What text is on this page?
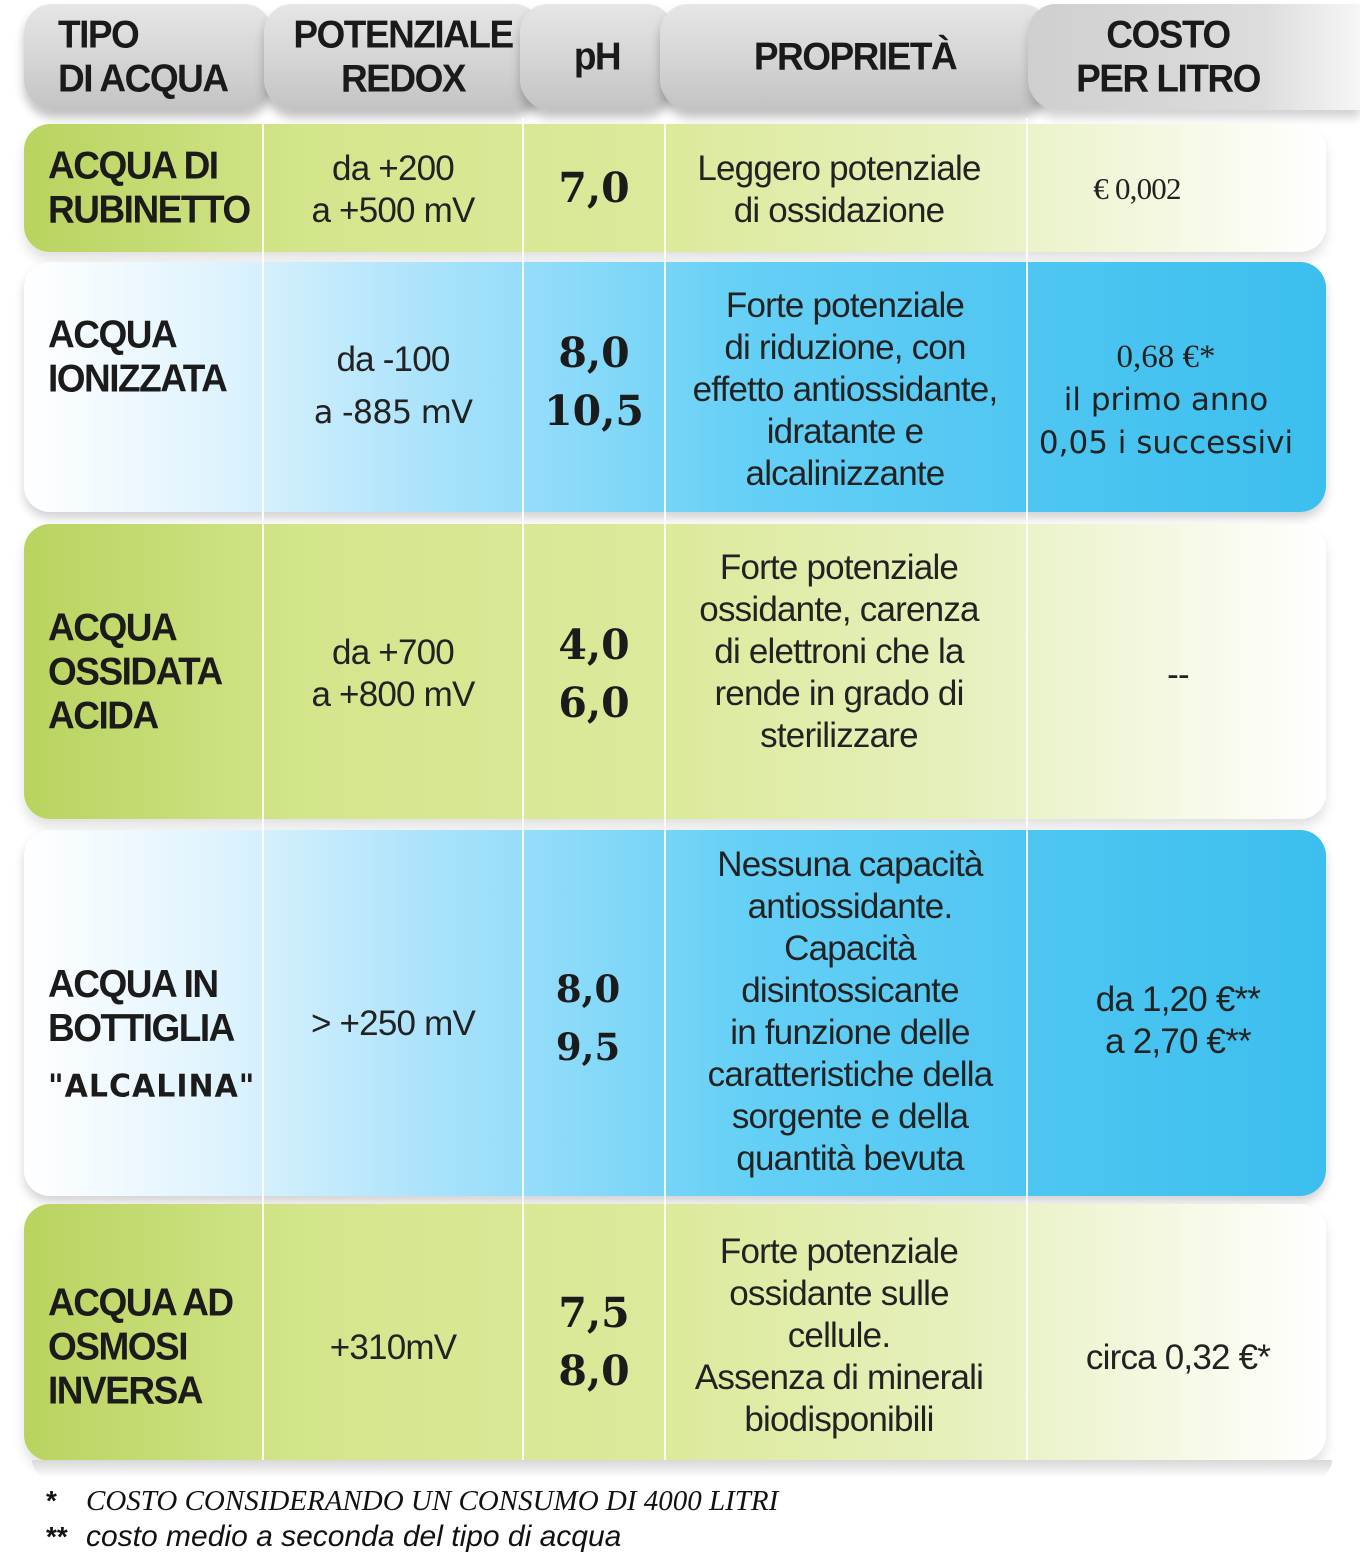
TIPO
DI ACQUA
POTENZIALE
REDOX
pH	PROPRIETÀ
COSTO
PER LITRO
ACQUA DI
RUBINETTO
da +200
a +500 mV 7,0 Leggero potenziale
di ossidazione
€ 0,002
ACQUA
IONIZZATA	da -100
a -885 mV
8,0
10,5
Forte potenziale
di riduzione, con
effetto antiossidante,
idratante e
alcalinizzante
0,68 €*
il primo anno
0,05 i successivi
ACQUA
OSSIDATA
ACIDA
da +700
a +800 mV
4,0
6,0
Forte potenziale
ossidante, carenza
di elettroni che la
rende in grado di
sterilizzare
--
ACQUA IN
BOTTIGLIA
"ALCALINA"
> +250 mV
8,0
9,5
Nessuna capacità
antiossidante.
Capacità
disintossicante
in funzione delle
caratteristiche della
sorgente e della
quantità bevuta
da 1,20 €**
a 2,70 €**
ACQUA AD
OSMOSI
INVERSA
+310mV
7,5
8,0
Forte potenziale
ossidante sulle
cellule.
Assenza di minerali
biodisponibili
circa 0,32 €*
* COSTO CONSIDERANDO UN CONSUMO DI 4000 LITRI
** costo medio a seconda del tipo di acqua
